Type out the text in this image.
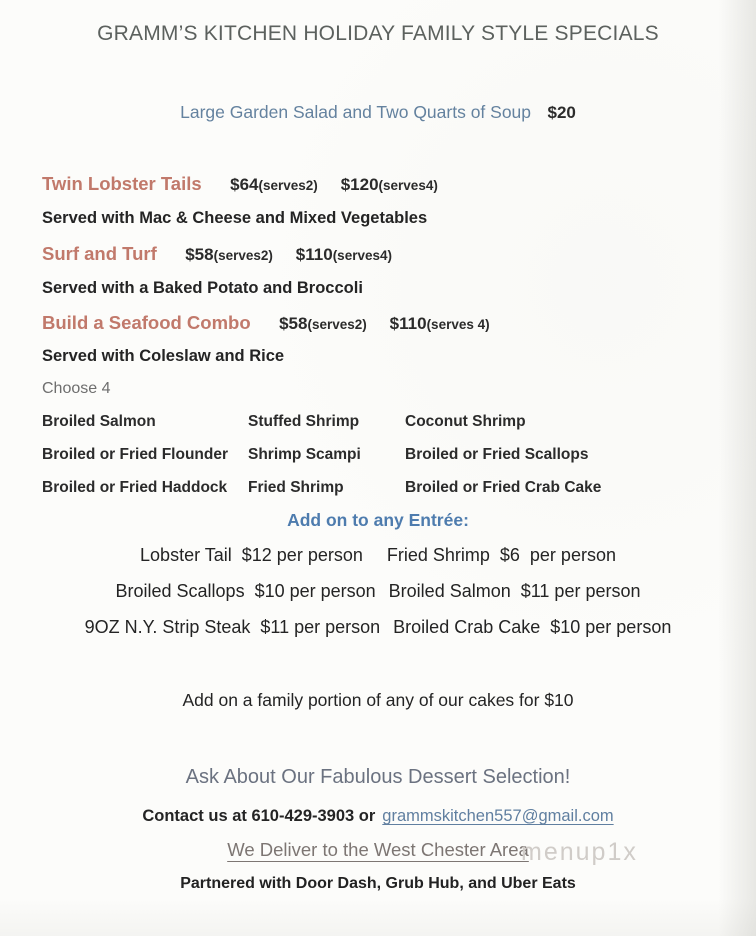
GRAMM’S KITCHEN HOLIDAY FAMILY STYLE SPECIALS
Large Garden Salad and Two Quarts of Soup $20
Twin Lobster Tails $64(serves2) $120(serves4)
Served with Mac & Cheese and Mixed Vegetables
Surf and Turf $58(serves2) $110(serves4)
Served with a Baked Potato and Broccoli
Build a Seafood Combo $58(serves2) $110(serves 4)
Served with Coleslaw and Rice
Choose 4
Broiled Salmon	Stuffed Shrimp	Coconut Shrimp
Broiled or Fried Flounder	Shrimp Scampi	Broiled or Fried Scallops
Broiled or Fried Haddock	Fried Shrimp	Broiled or Fried Crab Cake
Add on to any Entrée:
Lobster Tail $12 per person Fried Shrimp $6  per person
Broiled Scallops $10 per person Broiled Salmon $11 per person
9OZ N.Y. Strip Steak $11 per person Broiled Crab Cake $10 per person
Add on a family portion of any of our cakes for $10
Ask About Our Fabulous Dessert Selection!
Contact us at 610-429-3903 or grammskitchen557@gmail.com
We Deliver to the West Chester Area
menup1x
Partnered with Door Dash, Grub Hub, and Uber Eats
